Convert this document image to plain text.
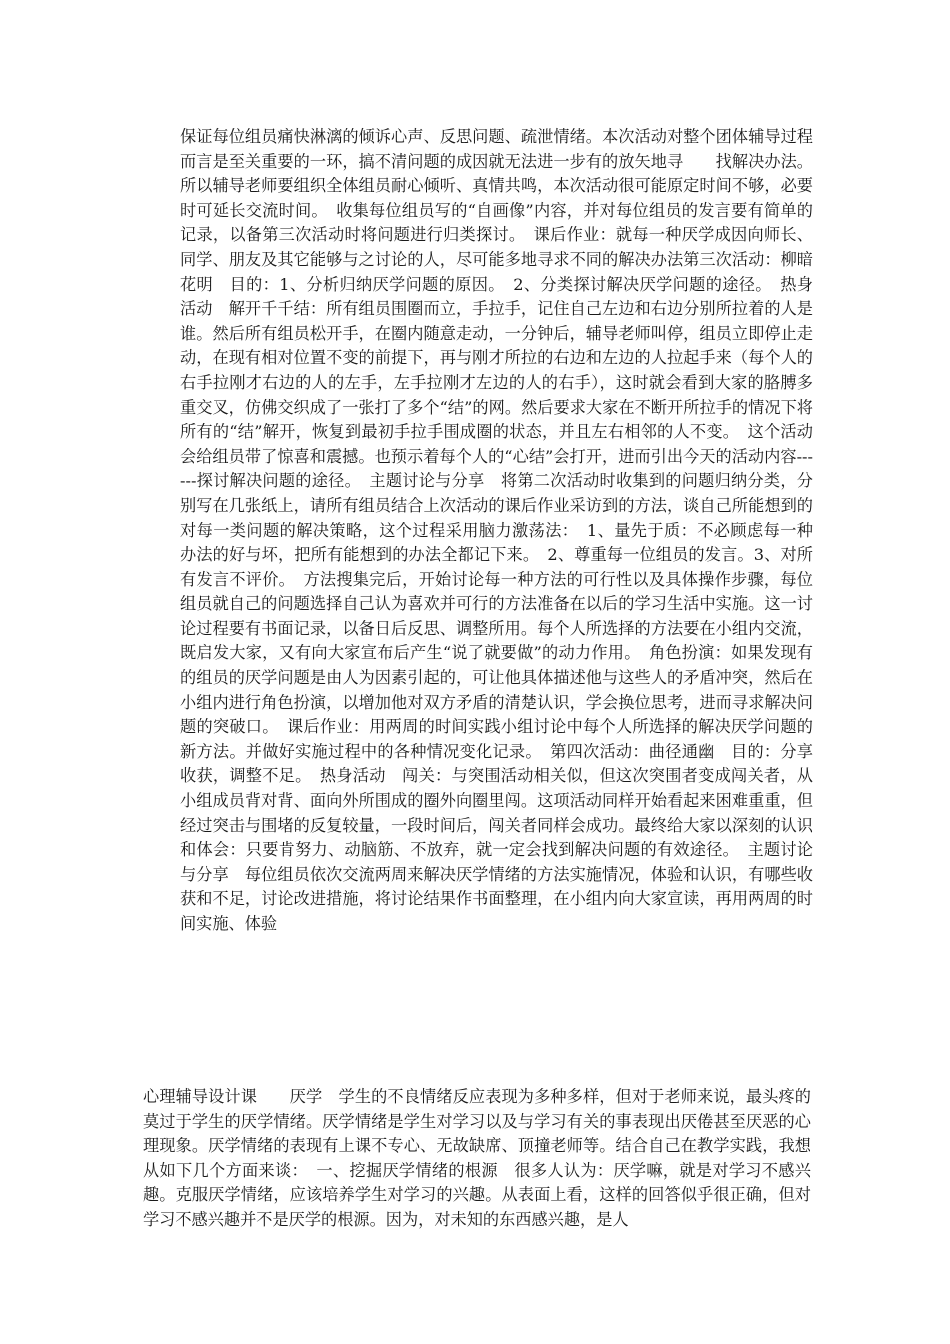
保证每位组员痛快淋漓的倾诉心声、反思问题、疏泄情绪。本次活动对整个团体辅导过程而言是至关重要的一环，搞不清问题的成因就无法进一步有的放矢地寻　　找解决办法。所以辅导老师要组织全体组员耐心倾听、真情共鸣，本次活动很可能原定时间不够，必要时可延长交流时间。　收集每位组员写的“自画像”内容，并对每位组员的发言要有简单的记录，以备第三次活动时将问题进行归类探讨。　课后作业：就每一种厌学成因向师长、同学、朋友及其它能够与之讨论的人，尽可能多地寻求不同的解决办法第三次活动：柳暗花明　目的：1、分析归纳厌学问题的原因。　2、分类探讨解决厌学问题的途径。　热身活动　解开千千结：所有组员围圈而立，手拉手，记住自己左边和右边分别所拉着的人是谁。然后所有组员松开手，在圈内随意走动，一分钟后，辅导老师叫停，组员立即停止走动，在现有相对位置不变的前提下，再与刚才所拉的右边和左边的人拉起手来（每个人的右手拉刚才右边的人的左手，左手拉刚才左边的人的右手），这时就会看到大家的胳膊多重交叉，仿佛交织成了一张打了多个“结”的网。然后要求大家在不断开所拉手的情况下将所有的“结”解开，恢复到最初手拉手围成圈的状态，并且左右相邻的人不变。　这个活动会给组员带了惊喜和震撼。也预示着每个人的“心结”会打开，进而引出今天的活动内容------探讨解决问题的途径。　主题讨论与分享　将第二次活动时收集到的问题归纳分类，分别写在几张纸上，请所有组员结合上次活动的课后作业采访到的方法，谈自己所能想到的对每一类问题的解决策略，这个过程采用脑力激荡法：　1、量先于质：不必顾虑每一种办法的好与坏，把所有能想到的办法全都记下来。　2、尊重每一位组员的发言。3、对所有发言不评价。　方法搜集完后，开始讨论每一种方法的可行性以及具体操作步骤，每位组员就自己的问题选择自己认为喜欢并可行的方法准备在以后的学习生活中实施。这一讨论过程要有书面记录，以备日后反思、调整所用。每个人所选择的方法要在小组内交流，既启发大家，又有向大家宣布后产生“说了就要做”的动力作用。　角色扮演：如果发现有的组员的厌学问题是由人为因素引起的，可让他具体描述他与这些人的矛盾冲突，然后在小组内进行角色扮演，以增加他对双方矛盾的清楚认识，学会换位思考，进而寻求解决问题的突破口。　课后作业：用两周的时间实践小组讨论中每个人所选择的解决厌学问题的新方法。并做好实施过程中的各种情况变化记录。　第四次活动：曲径通幽　目的：分享收获，调整不足。　热身活动　闯关：与突围活动相关似，但这次突围者变成闯关者，从小组成员背对背、面向外所围成的圈外向圈里闯。这项活动同样开始看起来困难重重，但经过突击与围堵的反复较量，一段时间后，闯关者同样会成功。最终给大家以深刻的认识和体会：只要肯努力、动脑筋、不放弃，就一定会找到解决问题的有效途径。　主题讨论与分享　每位组员依次交流两周来解决厌学情绪的方法实施情况，体验和认识，有哪些收获和不足，讨论改进措施，将讨论结果作书面整理，在小组内向大家宣读，再用两周的时间实施、体验

心理辅导设计课　　厌学　学生的不良情绪反应表现为多种多样，但对于老师来说，最头疼的莫过于学生的厌学情绪。厌学情绪是学生对学习以及与学习有关的事表现出厌倦甚至厌恶的心理现象。厌学情绪的表现有上课不专心、无故缺席、顶撞老师等。结合自己在教学实践，我想从如下几个方面来谈：　一、挖掘厌学情绪的根源　很多人认为：厌学嘛，就是对学习不感兴趣。克服厌学情绪，应该培养学生对学习的兴趣。从表面上看，这样的回答似乎很正确，但对学习不感兴趣并不是厌学的根源。因为，对未知的东西感兴趣，是人
